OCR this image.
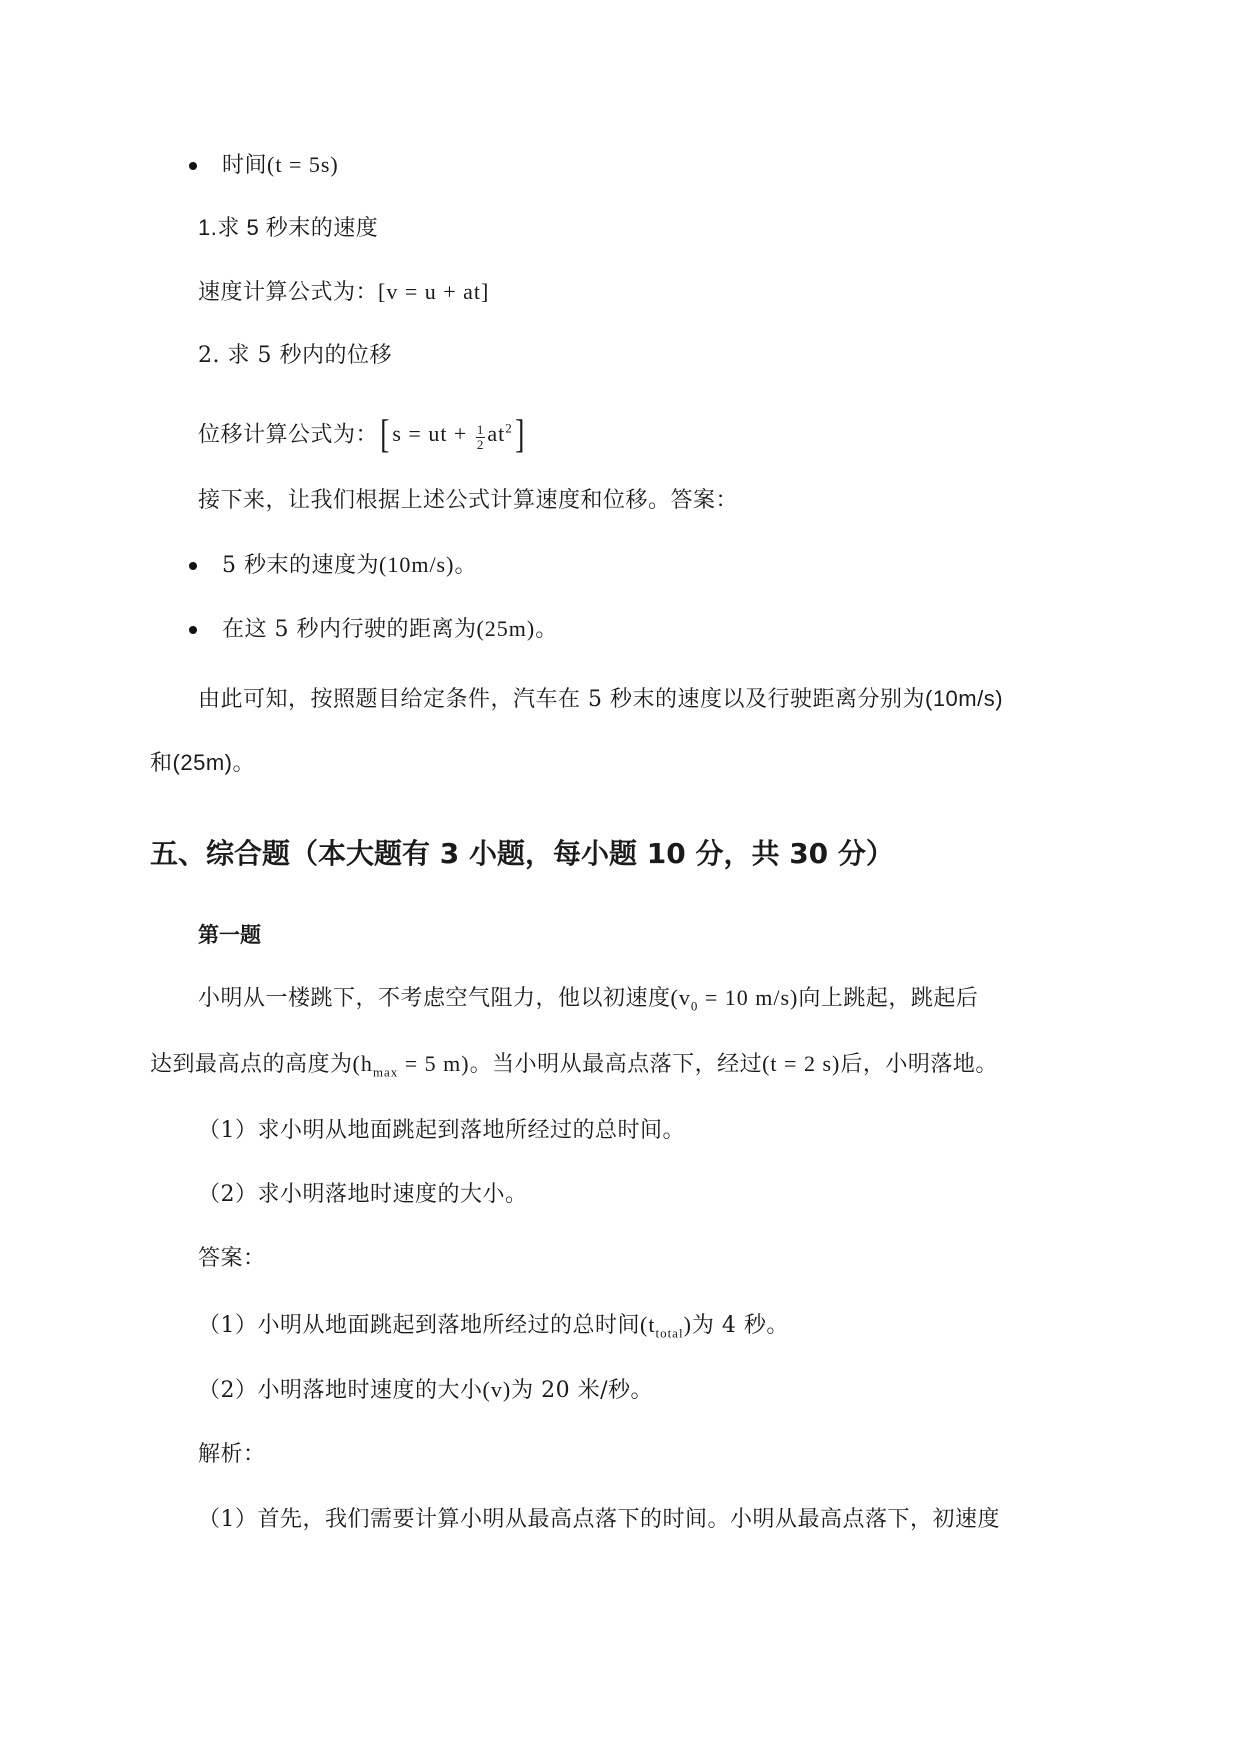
时间(t = 5s)
1.求 5 秒末的速度
速度计算公式为：[v = u + at]
2. 求 5 秒内的位移
位移计算公式为：[s = ut + $\frac{1}{2} at^2$]
接下来，让我们根据上述公式计算速度和位移。答案：
5 秒末的速度为(10m/s)。
在这 5 秒内行驶的距离为(25m)。
由此可知，按照题目给定条件，汽车在 5 秒末的速度以及行驶距离分别为(10m/s)
和(25m)。
五、综合题（本大题有 3 小题，每小题 10 分，共 30 分）
第一题
小明从一楼跳下，不考虑空气阻力，他以初速度($v_0 = 10$ m/s)向上跳起，跳起后
达到最高点的高度为($h_{max} = 5$ m)。当小明从最高点落下，经过(t = 2 s)后，小明落地。
（1）求小明从地面跳起到落地所经过的总时间。
（2）求小明落地时速度的大小。
答案：
（1）小明从地面跳起到落地所经过的总时间$(t_{total})$为 4 秒。
（2）小明落地时速度的大小(v)为 20 米/秒。
解析：
（1）首先，我们需要计算小明从最高点落下的时间。小明从最高点落下，初速度
